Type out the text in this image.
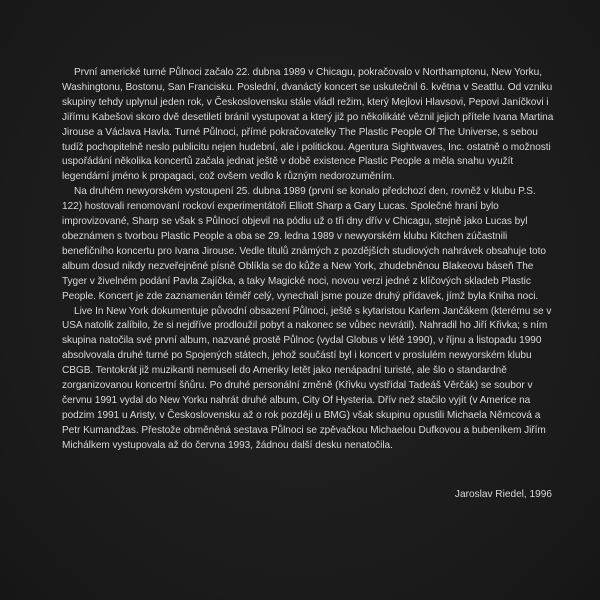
První americké turné Půlnoci začalo 22. dubna 1989 v Chicagu, pokračovalo v Northamptonu, New Yorku, Washingtonu, Bostonu, San Francisku. Poslední, dvanáctý koncert se uskutečnil 6. května v Seattlu. Od vzniku skupiny tehdy uplynul jeden rok, v Československu stále vládl režim, který Mejlovi Hlavsovi, Pepovi Janíčkovi i Jiřímu Kabešovi skoro dvě desetiletí bránil vystupovat a který již po několikáté věznil jejich přítele Ivana Martina Jirouse a Václava Havla. Turné Půlnoci, přímé pokračovatelky The Plastic People Of The Universe, s sebou tudíž pochopitelně neslo publicitu nejen hudební, ale i politickou. Agentura Sightwaves, Inc. ostatně o možnosti uspořádání několika koncertů začala jednat ještě v době existence Plastic People a měla snahu využít legendární jméno k propagaci, což ovšem vedlo k různým nedorozuměním.

Na druhém newyorském vystoupení 25. dubna 1989 (první se konalo předchozí den, rovněž v klubu P.S. 122) hostovali renomovaní rockoví experimentátoři Elliott Sharp a Gary Lucas. Společné hraní bylo improvizované, Sharp se však s Půlnocí objevil na pódiu už o tři dny dřív v Chicagu, stejně jako Lucas byl obeznámen s tvorbou Plastic People a oba se 29. ledna 1989 v newyorském klubu Kitchen zúčastnili benefičního koncertu pro Ivana Jirouse. Vedle titulů známých z pozdějších studiových nahrávek obsahuje toto album dosud nikdy nezveřejněné písně Oblíkla se do kůže a New York, zhudebněnou Blakeovu báseň The Tyger v živelném podání Pavla Zajíčka, a taky Magické noci, novou verzi jedné z klíčových skladeb Plastic People. Koncert je zde zaznamenán téměř celý, vynechali jsme pouze druhý přídavek, jímž byla Kniha noci.

Live In New York dokumentuje původní obsazení Půlnoci, ještě s kytaristou Karlem Jančákem (kterému se v USA natolik zalíbilo, že si nejdříve prodloužil pobyt a nakonec se vůbec nevrátil). Nahradil ho Jiří Křivka; s ním skupina natočila své první album, nazvané prostě Půlnoc (vydal Globus v létě 1990), v říjnu a listopadu 1990 absolvovala druhé turné po Spojených státech, jehož součástí byl i koncert v proslulém newyorském klubu CBGB. Tentokrát již muzikanti nemuseli do Ameriky letět jako nenápadní turisté, ale šlo o standardně zorganizovanou koncertní šňůru. Po druhé personální změně (Křivku vystřídal Tadeáš Věrčák) se soubor v červnu 1991 vydal do New Yorku nahrát druhé album, City Of Hysteria. Dřív než stačilo vyjít (v Americe na podzim 1991 u Aristy, v Československu až o rok později u BMG) však skupinu opustili Michaela Němcová a Petr Kumandžas. Přestože obměněná sestava Půlnoci se zpěvačkou Michaelou Dufkovou a bubeníkem Jiřím Michálkem vystupovala až do června 1993, žádnou další desku nenatočila.

Jaroslav Riedel, 1996
